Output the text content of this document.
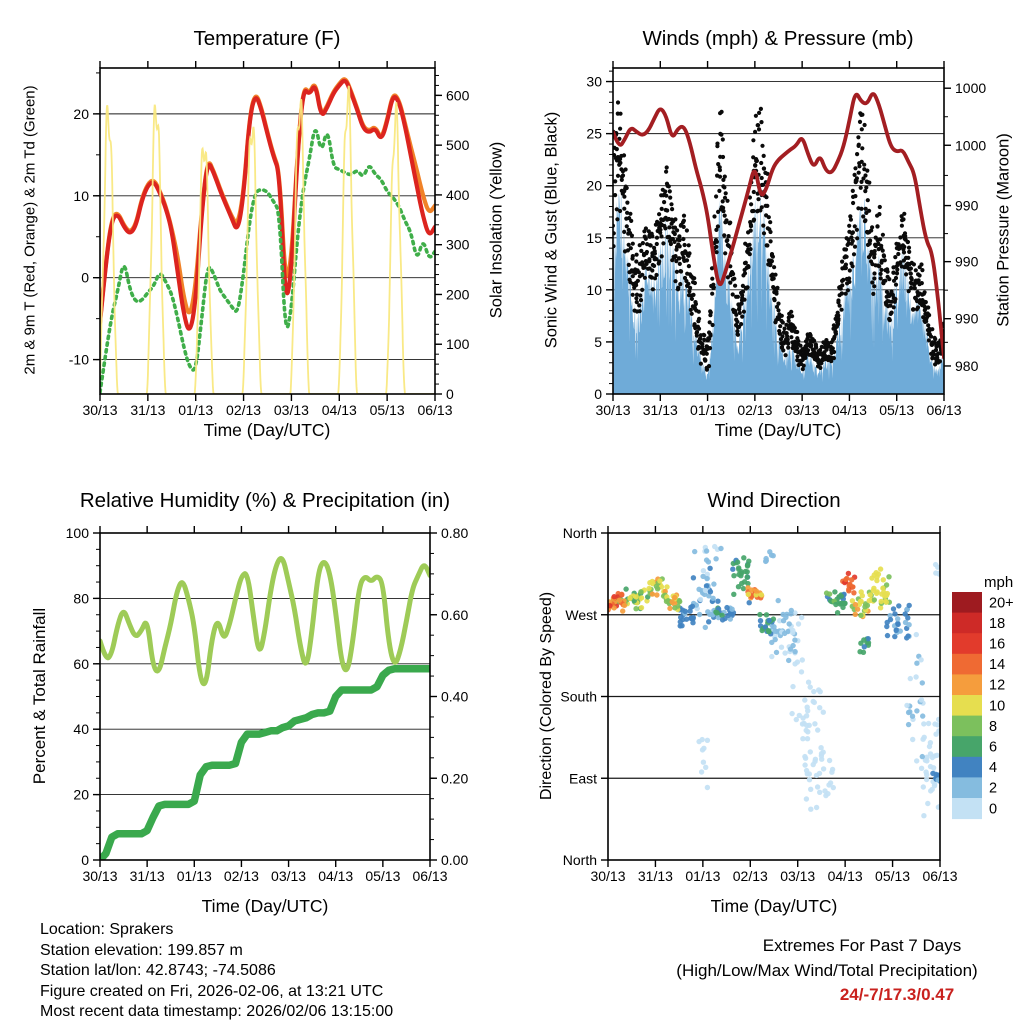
30/13 31/13 01/13 02/13 03/13 04/13 05/13 06/13
-10
0
10
20
0
100
200
300
400
500
600
30/13 31/13 01/13 02/13 03/13 04/13 05/13 06/13
0
5
10
15
20
25
30	1000
1000
990
990
990
980
30/13 31/13 01/13 02/13 03/13 04/13 05/13 06/13
0
20
40
60
80
100
0.00
0.20
0.40
0.60
0.80
30/13 31/13 01/13 02/13 03/13 04/13 05/13 06/13
North
West
South
East
North
20+
18
16
14
12
10
8
6
4
2
0
Temperature (F)	Winds (mph) & Pressure (mb)
Relative Humidity (%) & Precipitation (in)	Wind Direction
Time (Day/UTC)	Time (Day/UTC)
Time (Day/UTC)	Time (Day/UTC)
2m & 9m T (Red, Orange) & 2m Td (Green)	Solar Insolation (Yellow) Sonic Wind & Gust (Blue, Black)	Station Pressure (Maroon)
Percent & Total Rainfall	Direction (Colored By Speed)
mph

Location: Sprakers

Station elevation: 199.857 m

Station lat/lon: 42.8743; -74.5086

Figure created on Fri, 2026-02-06, at 13:21 UTC

Most recent data timestamp: 2026/02/06 13:15:00

Extremes For Past 7 Days
(High/Low/Max Wind/Total Precipitation)
24/-7/17.3/0.47
